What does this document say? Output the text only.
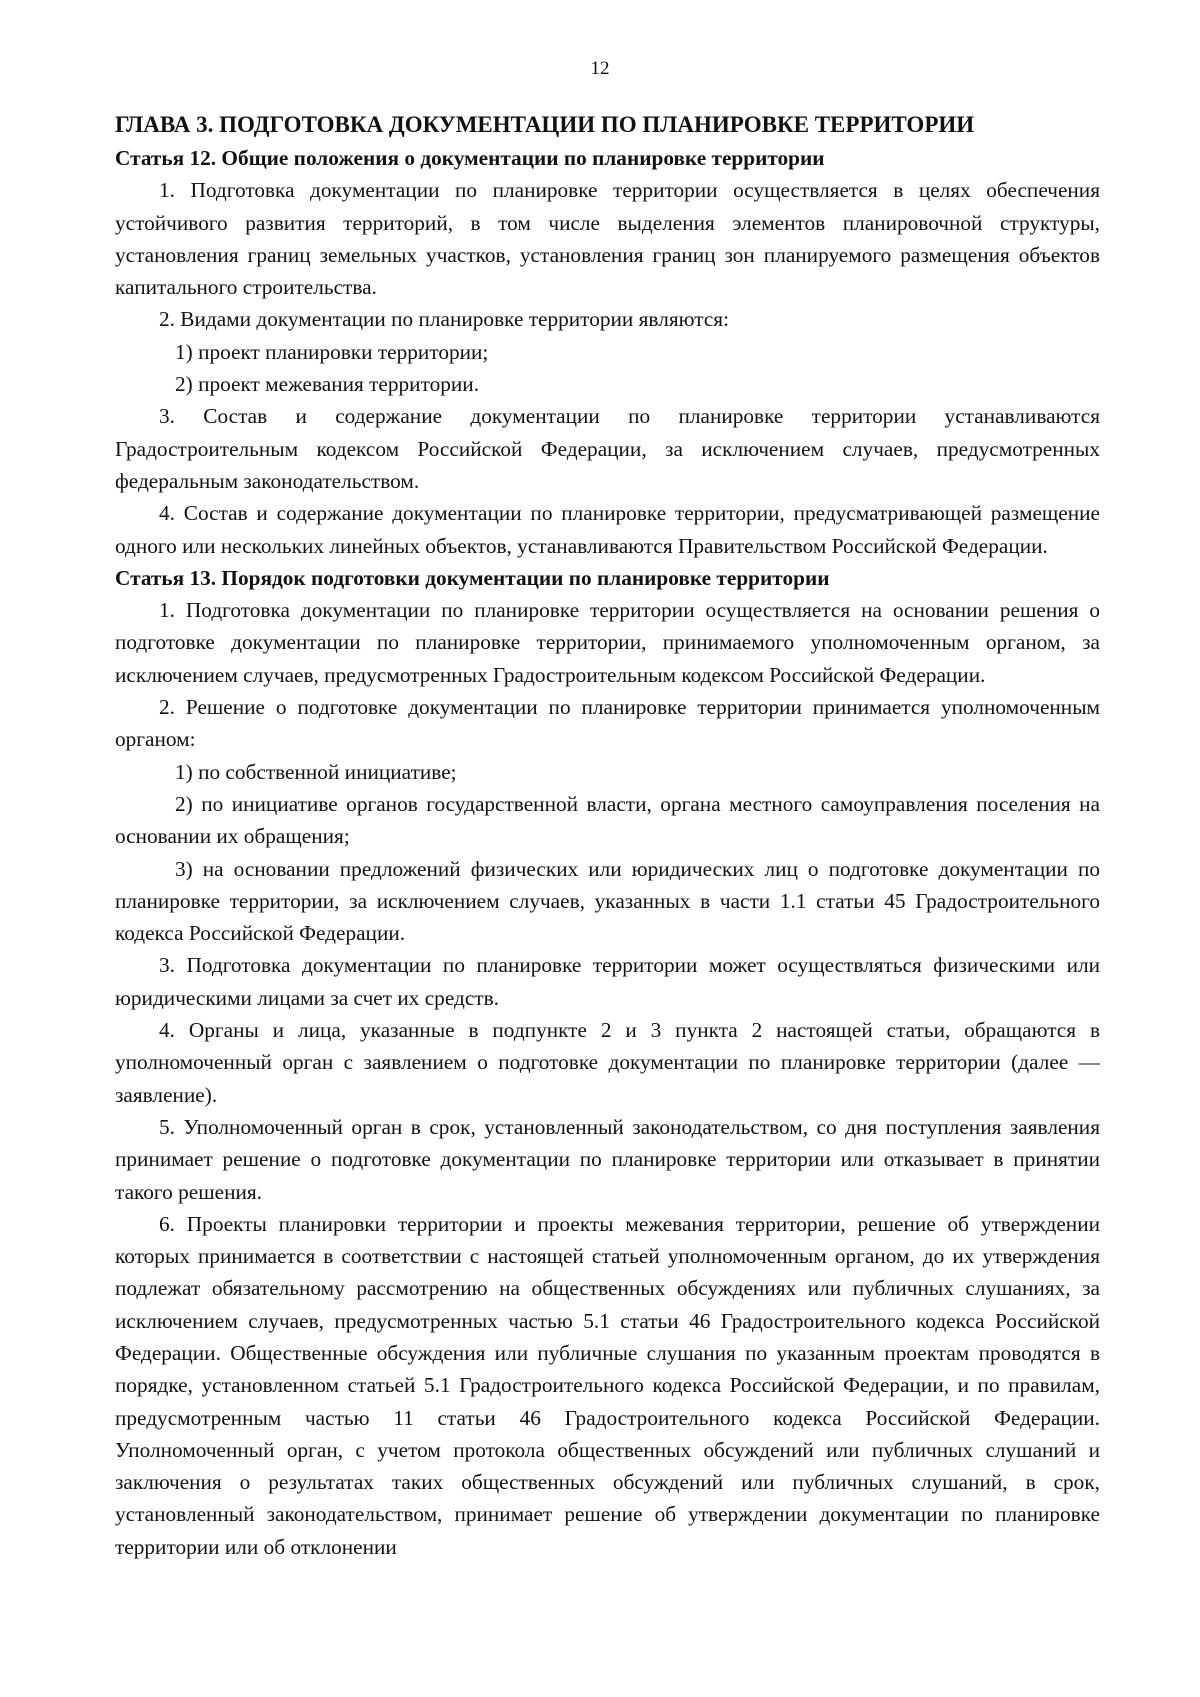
12

ГЛАВА 3. ПОДГОТОВКА ДОКУМЕНТАЦИИ ПО ПЛАНИРОВКЕ ТЕРРИТОРИИ

Статья 12. Общие положения о документации по планировке территории

1. Подготовка документации по планировке территории осуществляется в целях обеспечения устойчивого развития территорий, в том числе выделения элементов планировочной структуры, установления границ земельных участков, установления границ зон планируемого размещения объектов капитального строительства.

2. Видами документации по планировке территории являются:

1) проект планировки территории;

2) проект межевания территории.

3. Состав и содержание документации по планировке территории устанавливаются Градостроительным кодексом Российской Федерации, за исключением случаев, предусмотренных федеральным законодательством.

4. Состав и содержание документации по планировке территории, предусматривающей размещение одного или нескольких линейных объектов, устанавливаются Правительством Российской Федерации.

Статья 13. Порядок подготовки документации по планировке территории

1. Подготовка документации по планировке территории осуществляется на основании решения о подготовке документации по планировке территории, принимаемого уполномоченным органом, за исключением случаев, предусмотренных Градостроительным кодексом Российской Федерации.

2. Решение о подготовке документации по планировке территории принимается уполномоченным органом:

1) по собственной инициативе;

2) по инициативе органов государственной власти, органа местного самоуправления поселения на основании их обращения;

3) на основании предложений физических или юридических лиц о подготовке документации по планировке территории, за исключением случаев, указанных в части 1.1 статьи 45 Градостроительного кодекса Российской Федерации.

3. Подготовка документации по планировке территории может осуществляться физическими или юридическими лицами за счет их средств.

4. Органы и лица, указанные в подпункте 2 и 3 пункта 2 настоящей статьи, обращаются в уполномоченный орган с заявлением о подготовке документации по планировке территории (далее — заявление).

5. Уполномоченный орган в срок, установленный законодательством, со дня поступления заявления принимает решение о подготовке документации по планировке территории или отказывает в принятии такого решения.

6. Проекты планировки территории и проекты межевания территории, решение об утверждении которых принимается в соответствии с настоящей статьей уполномоченным органом, до их утверждения подлежат обязательному рассмотрению на общественных обсуждениях или публичных слушаниях, за исключением случаев, предусмотренных частью 5.1 статьи 46 Градостроительного кодекса Российской Федерации. Общественные обсуждения или публичные слушания по указанным проектам проводятся в порядке, установленном статьей 5.1 Градостроительного кодекса Российской Федерации, и по правилам, предусмотренным частью 11 статьи 46 Градостроительного кодекса Российской Федерации. Уполномоченный орган, с учетом протокола общественных обсуждений или публичных слушаний и заключения о результатах таких общественных обсуждений или публичных слушаний, в срок, установленный законодательством, принимает решение об утверждении документации по планировке территории или об отклонении
